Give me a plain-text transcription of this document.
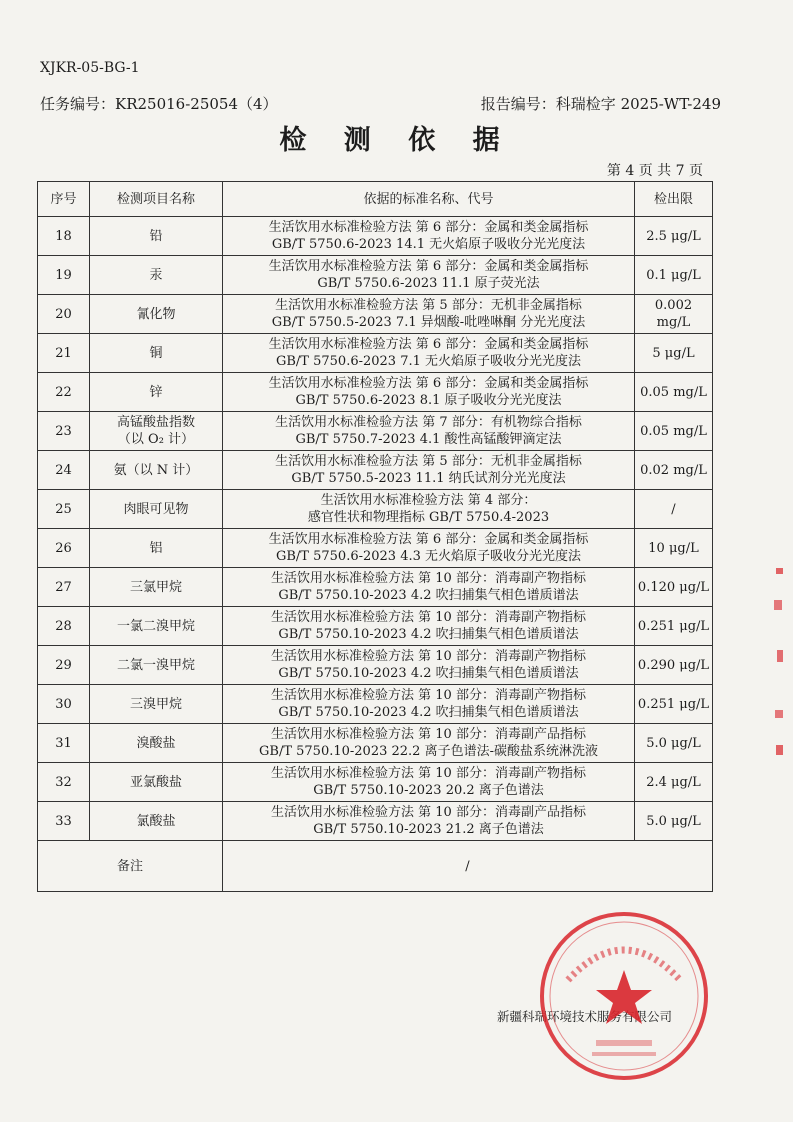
XJKR-05-BG-1
任务编号：KR25016-25054（4）	报告编号：科瑞检字 2025-WT-249
检 测 依 据
第 4 页 共 7 页
序号	检测项目名称	依据的标准名称、代号	检出限
18	铅	生活饮用水标准检验方法 第 6 部分：金属和类金属指标
GB/T 5750.6-2023 14.1 无火焰原子吸收分光光度法	2.5 μg/L
19	汞	生活饮用水标准检验方法 第 6 部分：金属和类金属指标
GB/T 5750.6-2023 11.1 原子荧光法	0.1 μg/L
20	氰化物	生活饮用水标准检验方法 第 5 部分：无机非金属指标
GB/T 5750.5-2023 7.1 异烟酸-吡唑啉酮 分光光度法	0.002 mg/L
21	铜	生活饮用水标准检验方法 第 6 部分：金属和类金属指标
GB/T 5750.6-2023 7.1 无火焰原子吸收分光光度法	5 μg/L
22	锌	生活饮用水标准检验方法 第 6 部分：金属和类金属指标
GB/T 5750.6-2023 8.1 原子吸收分光光度法	0.05 mg/L
23	高锰酸盐指数
（以 O₂ 计）	生活饮用水标准检验方法 第 7 部分：有机物综合指标
GB/T 5750.7-2023 4.1 酸性高锰酸钾滴定法	0.05 mg/L
24	氨（以 N 计）	生活饮用水标准检验方法 第 5 部分：无机非金属指标
GB/T 5750.5-2023 11.1 纳氏试剂分光光度法	0.02 mg/L
25	肉眼可见物	生活饮用水标准检验方法 第 4 部分：
感官性状和物理指标 GB/T 5750.4-2023	/
26	铝	生活饮用水标准检验方法 第 6 部分：金属和类金属指标
GB/T 5750.6-2023 4.3 无火焰原子吸收分光光度法	10 μg/L
27	三氯甲烷	生活饮用水标准检验方法 第 10 部分：消毒副产物指标
GB/T 5750.10-2023 4.2 吹扫捕集气相色谱质谱法	0.120 μg/L
28	一氯二溴甲烷	生活饮用水标准检验方法 第 10 部分：消毒副产物指标
GB/T 5750.10-2023 4.2 吹扫捕集气相色谱质谱法	0.251 μg/L
29	二氯一溴甲烷	生活饮用水标准检验方法 第 10 部分：消毒副产物指标
GB/T 5750.10-2023 4.2 吹扫捕集气相色谱质谱法	0.290 μg/L
30	三溴甲烷	生活饮用水标准检验方法 第 10 部分：消毒副产物指标
GB/T 5750.10-2023 4.2 吹扫捕集气相色谱质谱法	0.251 μg/L
31	溴酸盐	生活饮用水标准检验方法 第 10 部分：消毒副产品指标
GB/T 5750.10-2023 22.2 离子色谱法-碳酸盐系统淋洗液	5.0 μg/L
32	亚氯酸盐	生活饮用水标准检验方法 第 10 部分：消毒副产物指标
GB/T 5750.10-2023 20.2 离子色谱法	2.4 μg/L
33	氯酸盐	生活饮用水标准检验方法 第 10 部分：消毒副产品指标
GB/T 5750.10-2023 21.2 离子色谱法	5.0 μg/L
备注		/	
新疆科瑞环境技术服务有限公司
